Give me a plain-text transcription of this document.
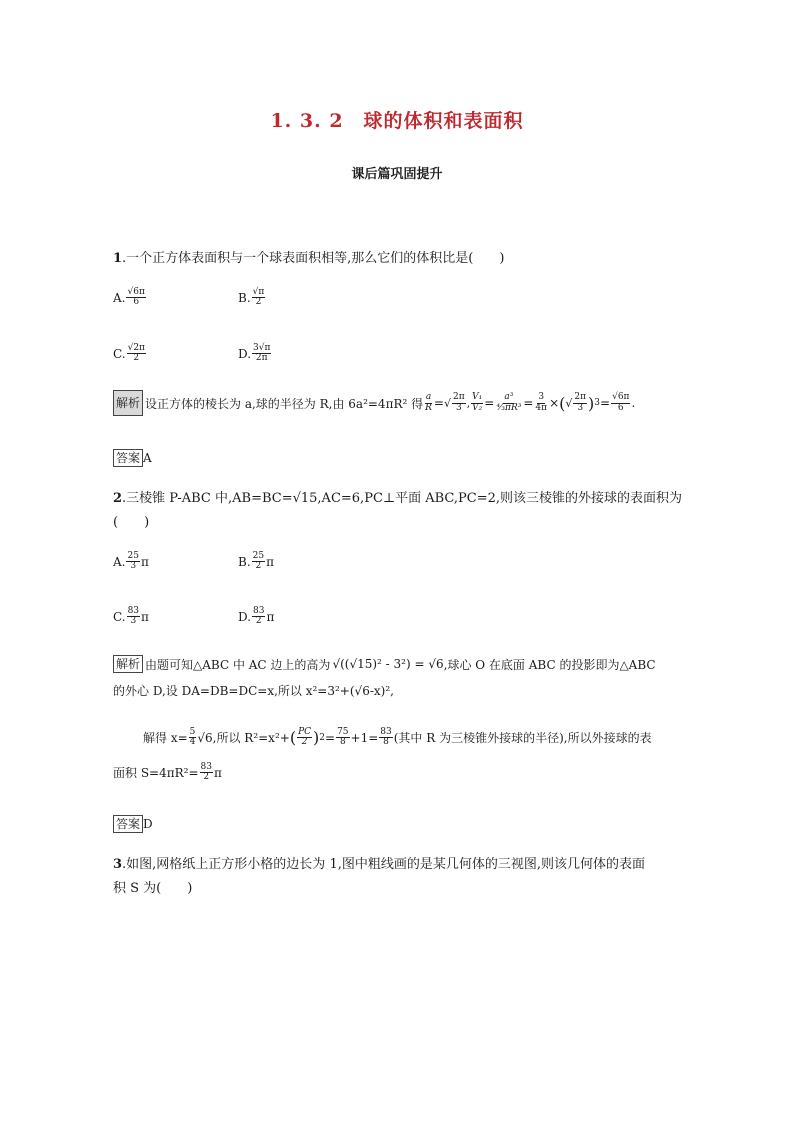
1. 3. 2　球的体积和表面积
课后篇巩固提升
1.一个正方体表面积与一个球表面积相等,那么它们的体积比是(　　)
A. $\frac{√6\pi}{6}$	B. $\frac{√\pi}{2}$
C. $\frac{√2\pi}{2}$	D. $\frac{3√\pi}{2\pi}$
解析 设正方体的棱长为 a,球的半径为 R,由 6a²=4πR² 得 $\frac{a}{R}$ = √ $\frac{2\pi}{3}$ , $\frac{\text{V₁}}{\text{V₂}} = \frac{\text{a³}}{\text{⁴⁄₃πR³}} = \frac{3}{4\pi}$ × ( √ $\frac{2\pi}{3}$ ) $3 = \frac{√6\pi}{6}$ .
答案 A
2.三棱锥 P-ABC 中,AB=BC=√15,AC=6,PC⊥平面 ABC,PC=2,则该三棱锥的外接球的表面积为
(　　)
A. $\frac{25}{3}$ π	B. $\frac{25}{2}$ π
C. $\frac{83}{3}$ π	D. $\frac{83}{2}$ π
解析 由题可知△ABC 中 AC 边上的高为 √((√15)² - 3²) = √6 ,球心 O 在底面 ABC 的投影即为△ABC
的外心 D,设 DA=DB=DC=x,所以 x²=3²+(√6-x)²,
解得 $x= \frac{5}{4} √6$,所以 R²=x²+ ( $\frac{PC}{2}$ ) $2 = \frac{75}{8} +1= \frac{83}{8}$ (其中 R 为三棱锥外接球的半径),所以外接球的表
面积 $S=4\pi R^2= \frac{83}{2}$ π
答案 D
3.如图,网格纸上正方形小格的边长为 1,图中粗线画的是某几何体的三视图,则该几何体的表面
积 S 为(　　)
